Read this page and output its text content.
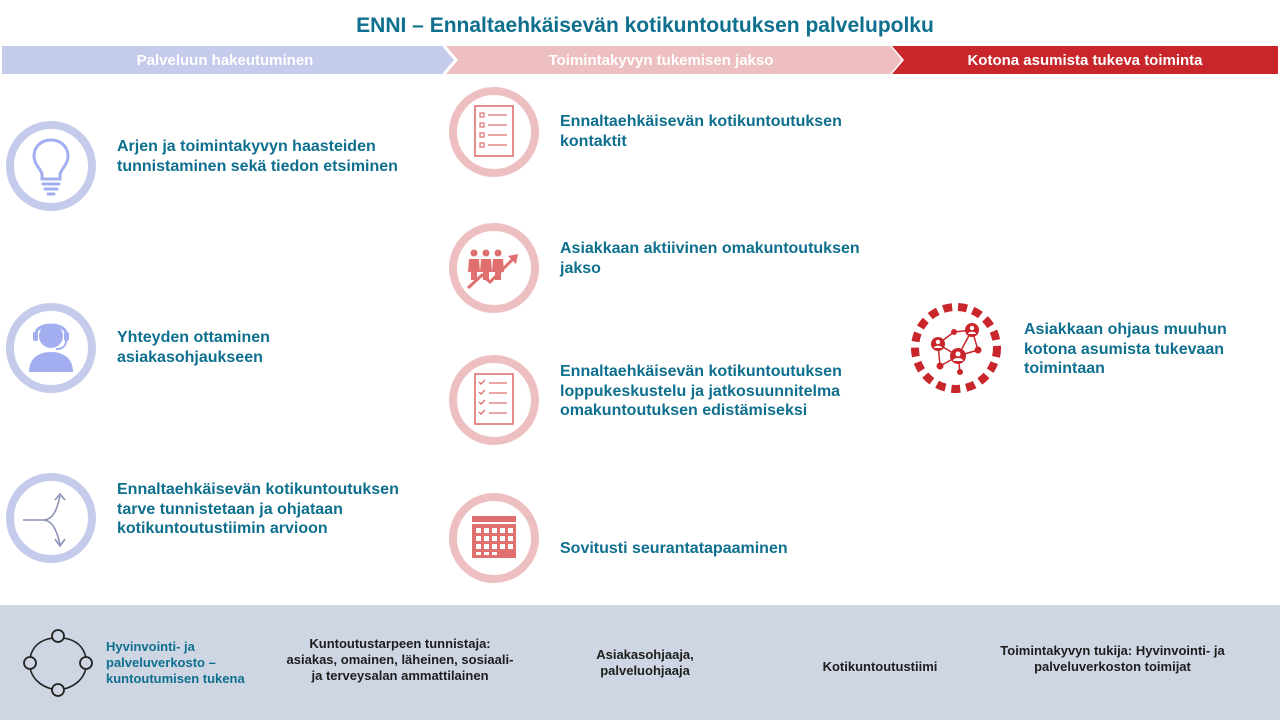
ENNI – Ennaltaehkäisevän kotikuntoutuksen palvelupolku
Palveluun hakeutuminen	Toimintakyvyn tukemisen jakso	Kotona asumista tukeva toiminta
Arjen ja toimintakyvyn haasteiden tunnistaminen sekä tiedon etsiminen
Yhteyden ottaminen asiakasohjaukseen
Ennaltaehkäisevän kotikuntoutuksen tarve tunnistetaan ja ohjataan kotikuntoutustiimin arvioon
Ennaltaehkäisevän kotikuntoutuksen kontaktit
Asiakkaan aktiivinen omakuntoutuksen jakso
Ennaltaehkäisevän kotikuntoutuksen loppukeskustelu ja jatkosuunnitelma omakuntoutuksen edistämiseksi
Sovitusti seurantatapaaminen
Asiakkaan ohjaus muuhun kotona asumista tukevaan toimintaan
Hyvinvointi- ja palveluverkosto – kuntoutumisen tukena
Kuntoutustarpeen tunnistaja: asiakas, omainen, läheinen, sosiaali- ja terveysalan ammattilainen
Asiakasohjaaja, palveluohjaaja	Kotikuntoutustiimi
Toimintakyvyn tukija: Hyvinvointi- ja palveluverkoston toimijat
